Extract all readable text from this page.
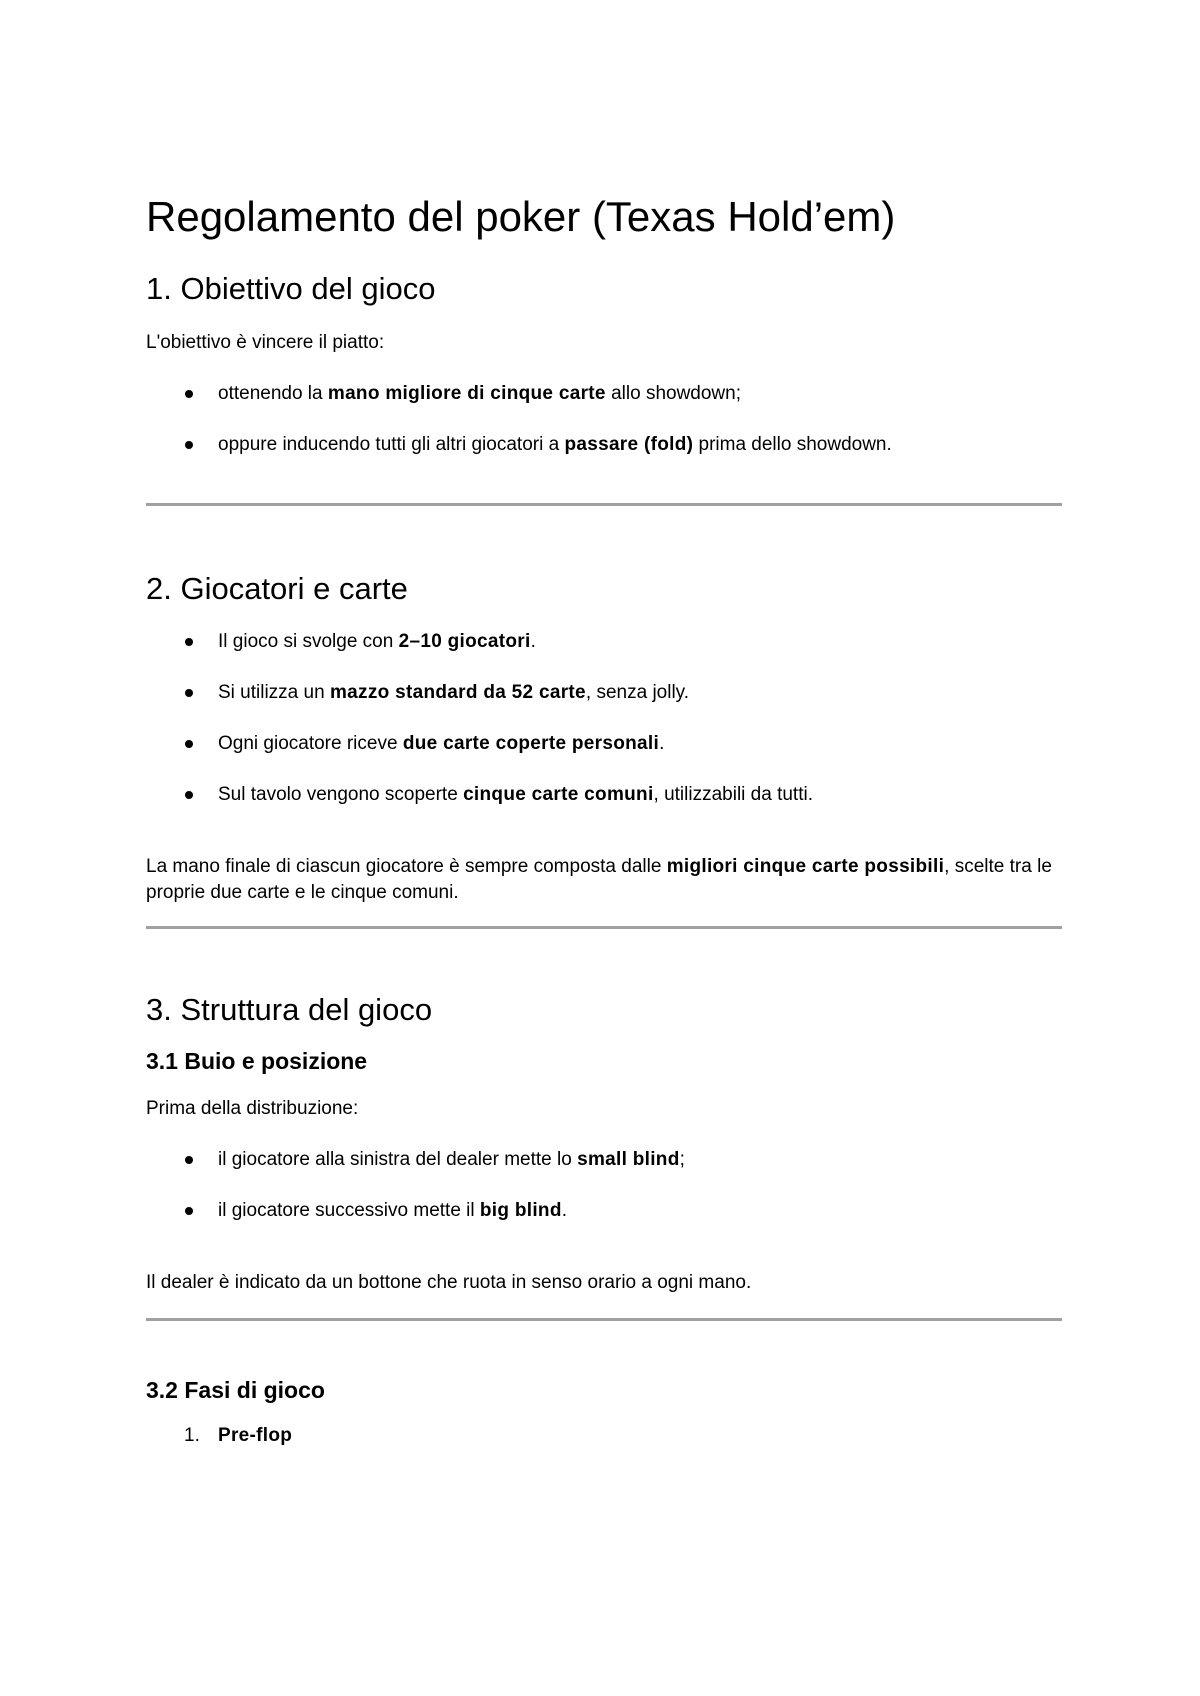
Regolamento del poker (Texas Hold’em)
1. Obiettivo del gioco

L'obiettivo è vincere il piatto:

ottenendo la mano migliore di cinque carte allo showdown;
oppure inducendo tutti gli altri giocatori a passare (fold) prima dello showdown.
2. Giocatori e carte
Il gioco si svolge con 2–10 giocatori.
Si utilizza un mazzo standard da 52 carte, senza jolly.
Ogni giocatore riceve due carte coperte personali.
Sul tavolo vengono scoperte cinque carte comuni, utilizzabili da tutti.

La mano finale di ciascun giocatore è sempre composta dalle migliori cinque carte possibili, scelte tra le proprie due carte e le cinque comuni.

3. Struttura del gioco
3.1 Buio e posizione

Prima della distribuzione:

il giocatore alla sinistra del dealer mette lo small blind;
il giocatore successivo mette il big blind.

Il dealer è indicato da un bottone che ruota in senso orario a ogni mano.

3.2 Fasi di gioco
1. Pre-flop
